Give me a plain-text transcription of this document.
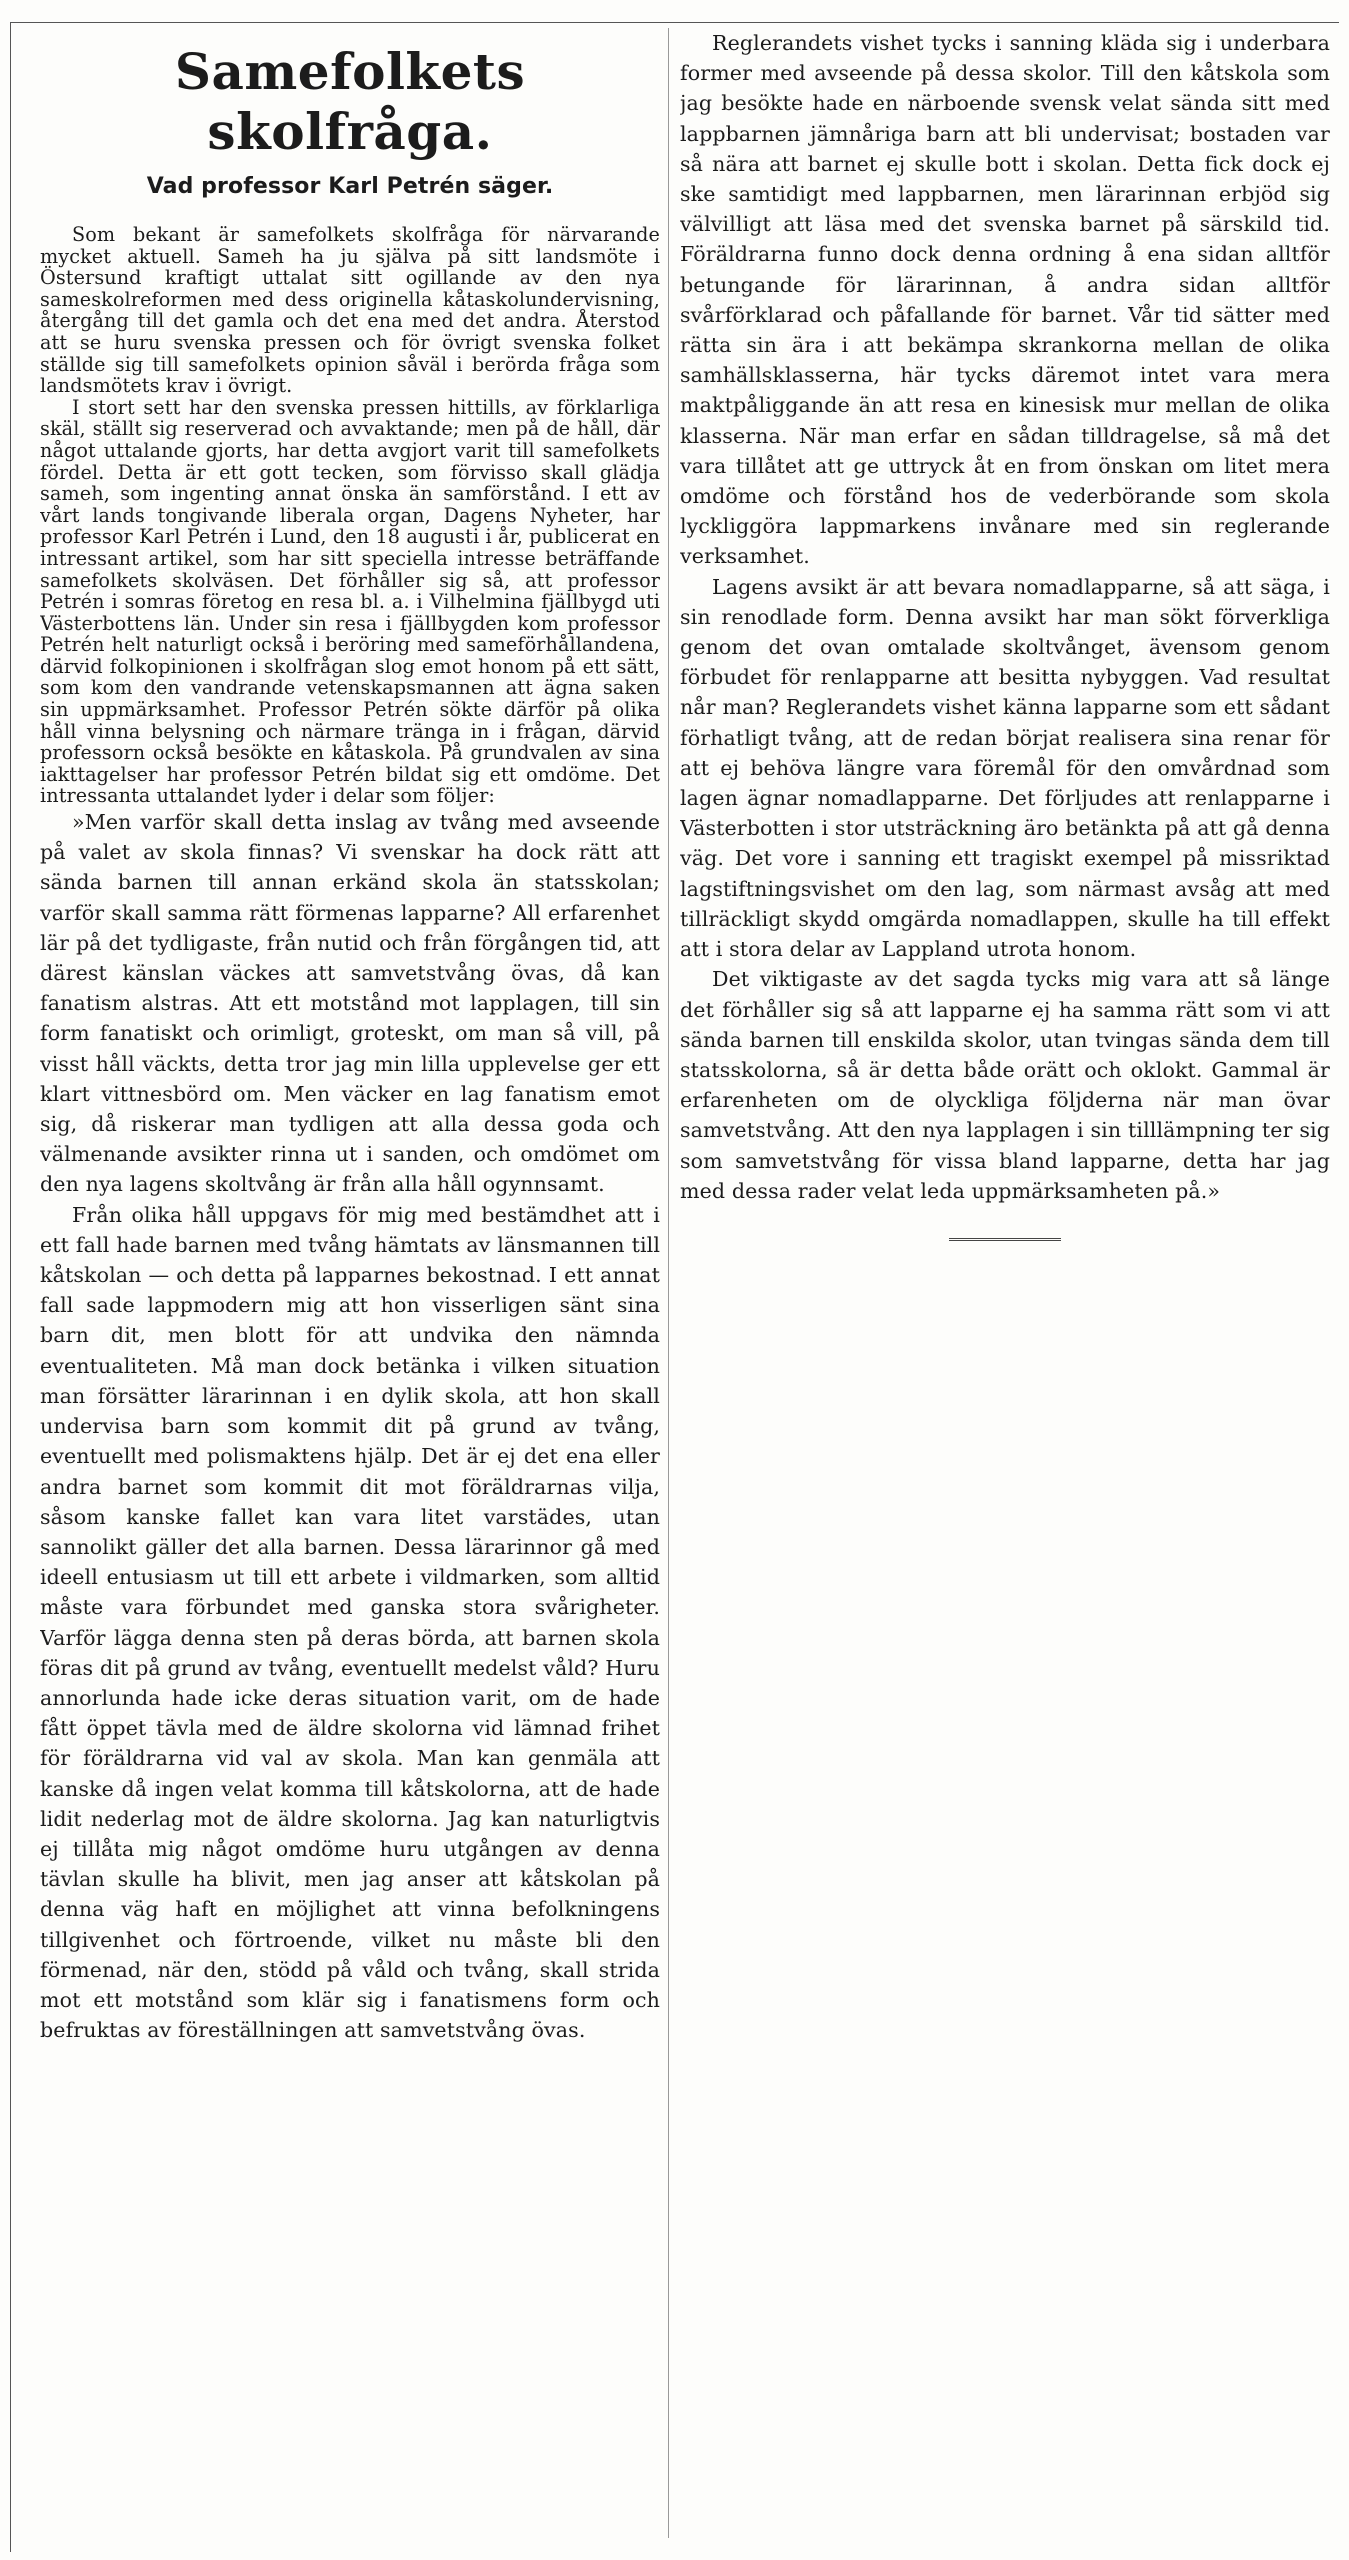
Samefolkets skolfråga.
Vad professor Karl Petrén säger.

Som bekant är samefolkets skolfråga för närvarande mycket aktuell. Sameh ha ju själva på sitt landsmöte i Östersund kraftigt uttalat sitt ogillande av den nya sameskolreformen med dess originella kåtaskolundervisning, återgång till det gamla och det ena med det andra. Återstod att se huru svenska pressen och för övrigt svenska folket ställde sig till samefolkets opinion såväl i berörda fråga som landsmötets krav i övrigt.

I stort sett har den svenska pressen hittills, av förklarliga skäl, ställt sig reserverad och avvaktande; men på de håll, där något uttalande gjorts, har detta avgjort varit till samefolkets fördel. Detta är ett gott tecken, som förvisso skall glädja sameh, som ingenting annat önska än samförstånd. I ett av vårt lands tongivande liberala organ, Dagens Nyheter, har professor Karl Petrén i Lund, den 18 augusti i år, publicerat en intressant artikel, som har sitt speciella intresse beträffande samefolkets skolväsen. Det förhåller sig så, att professor Petrén i somras företog en resa bl. a. i Vilhelmina fjällbygd uti Västerbottens län. Under sin resa i fjällbygden kom professor Petrén helt naturligt också i beröring med sameförhållandena, därvid folkopinionen i skolfrågan slog emot honom på ett sätt, som kom den vandrande vetenskapsmannen att ägna saken sin uppmärksamhet. Professor Petrén sökte därför på olika håll vinna belysning och närmare tränga in i frågan, därvid professorn också besökte en kåtaskola. På grundvalen av sina iakttagelser har professor Petrén bildat sig ett omdöme. Det intressanta uttalandet lyder i delar som följer:

»Men varför skall detta inslag av tvång med avseende på valet av skola finnas? Vi svenskar ha dock rätt att sända barnen till annan erkänd skola än statsskolan; varför skall samma rätt förmenas lapparne? All erfarenhet lär på det tydligaste, från nutid och från förgången tid, att därest känslan väckes att samvetstvång övas, då kan fanatism alstras. Att ett motstånd mot lapplagen, till sin form fanatiskt och orimligt, groteskt, om man så vill, på visst håll väckts, detta tror jag min lilla upplevelse ger ett klart vittnesbörd om. Men väcker en lag fanatism emot sig, då riskerar man tydligen att alla dessa goda och välmenande avsikter rinna ut i sanden, och omdömet om den nya lagens skoltvång är från alla håll ogynnsamt.

Från olika håll uppgavs för mig med bestämdhet att i ett fall hade barnen med tvång hämtats av länsmannen till kåtskolan — och detta på lapparnes bekostnad. I ett annat fall sade lappmodern mig att hon visserligen sänt sina barn dit, men blott för att undvika den nämnda eventualiteten. Må man dock betänka i vilken situation man försätter lärarinnan i en dylik skola, att hon skall undervisa barn som kommit dit på grund av tvång, eventuellt med polismaktens hjälp. Det är ej det ena eller andra barnet som kommit dit mot föräldrarnas vilja, såsom kanske fallet kan vara litet varstädes, utan sannolikt gäller det alla barnen. Dessa lärarinnor gå med ideell entusiasm ut till ett arbete i vildmarken, som alltid måste vara förbundet med ganska stora svårigheter. Varför lägga denna sten på deras börda, att barnen skola föras dit på grund av tvång, eventuellt medelst våld? Huru annorlunda hade icke deras situation varit, om de hade fått öppet tävla med de äldre skolorna vid lämnad frihet för föräldrarna vid val av skola. Man kan genmäla att kanske då ingen velat komma till kåtskolorna, att de hade lidit nederlag mot de äldre skolorna. Jag kan naturligtvis ej tillåta mig något omdöme huru utgången av denna tävlan skulle ha blivit, men jag anser att kåtskolan på denna väg haft en möjlighet att vinna befolkningens tillgivenhet och förtroende, vilket nu måste bli den förmenad, när den, stödd på våld och tvång, skall strida mot ett motstånd som klär sig i fanatismens form och befruktas av föreställningen att samvetstvång övas.

Reglerandets vishet tycks i sanning kläda sig i underbara former med avseende på dessa skolor. Till den kåtskola som jag besökte hade en närboende svensk velat sända sitt med lappbarnen jämnåriga barn att bli undervisat; bostaden var så nära att barnet ej skulle bott i skolan. Detta fick dock ej ske samtidigt med lappbarnen, men lärarinnan erbjöd sig välvilligt att läsa med det svenska barnet på särskild tid. Föräldrarna funno dock denna ordning å ena sidan alltför betungande för lärarinnan, å andra sidan alltför svårförklarad och påfallande för barnet. Vår tid sätter med rätta sin ära i att bekämpa skrankorna mellan de olika samhällsklasserna, här tycks däremot intet vara mera maktpåliggande än att resa en kinesisk mur mellan de olika klasserna. När man erfar en sådan tilldragelse, så må det vara tillåtet att ge uttryck åt en from önskan om litet mera omdöme och förstånd hos de vederbörande som skola lyckliggöra lappmarkens invånare med sin reglerande verksamhet.

Lagens avsikt är att bevara nomadlapparne, så att säga, i sin renodlade form. Denna avsikt har man sökt förverkliga genom det ovan omtalade skoltvånget, ävensom genom förbudet för renlapparne att besitta nybyggen. Vad resultat når man? Reglerandets vishet känna lapparne som ett sådant förhatligt tvång, att de redan börjat realisera sina renar för att ej behöva längre vara föremål för den omvårdnad som lagen ägnar nomadlapparne. Det förljudes att renlapparne i Västerbotten i stor utsträckning äro betänkta på att gå denna väg. Det vore i sanning ett tragiskt exempel på missriktad lagstiftningsvishet om den lag, som närmast avsåg att med tillräckligt skydd omgärda nomadlappen, skulle ha till effekt att i stora delar av Lappland utrota honom.

Det viktigaste av det sagda tycks mig vara att så länge det förhåller sig så att lapparne ej ha samma rätt som vi att sända barnen till enskilda skolor, utan tvingas sända dem till statsskolorna, så är detta både orätt och oklokt. Gammal är erfarenheten om de olyckliga följderna när man övar samvetstvång. Att den nya lapplagen i sin tilllämpning ter sig som samvetstvång för vissa bland lapparne, detta har jag med dessa rader velat leda uppmärksamheten på.»
